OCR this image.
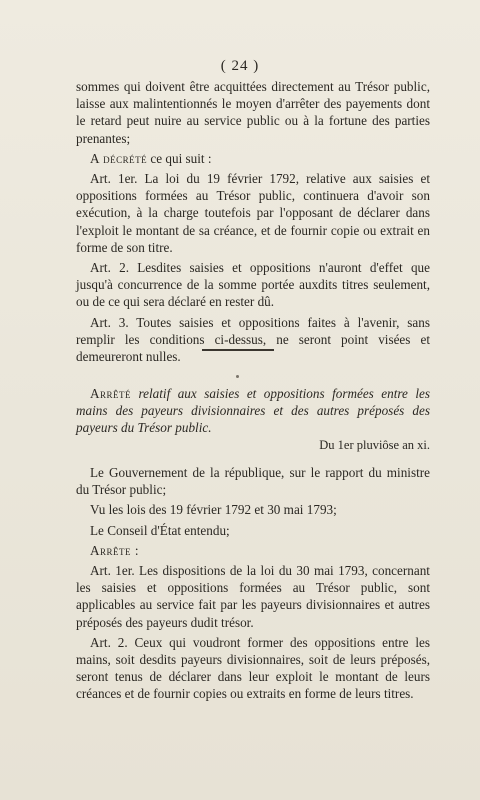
( 24 )

sommes qui doivent être acquittées directement au Trésor public, laisse aux malintentionnés le moyen d'arrêter des payements dont le retard peut nuire au service public ou à la fortune des parties prenantes;

A décrété ce qui suit :

Art. 1er. La loi du 19 février 1792, relative aux saisies et oppositions formées au Trésor public, continuera d'avoir son exécution, à la charge toutefois par l'opposant de déclarer dans l'exploit le montant de sa créance, et de fournir copie ou extrait en forme de son titre.

Art. 2. Lesdites saisies et oppositions n'auront d'effet que jusqu'à concurrence de la somme portée auxdits titres seulement, ou de ce qui sera déclaré en rester dû.

Art. 3. Toutes saisies et oppositions faites à l'avenir, sans remplir les conditions ci-dessus, ne seront point visées et demeureront nulles.

Arrêté relatif aux saisies et oppositions formées entre les mains des payeurs divisionnaires et des autres préposés des payeurs du Trésor public.

Du 1er pluviôse an xi.

Le Gouvernement de la république, sur le rapport du ministre du Trésor public;

Vu les lois des 19 février 1792 et 30 mai 1793;

Le Conseil d'État entendu;

Arrête :

Art. 1er. Les dispositions de la loi du 30 mai 1793, concernant les saisies et oppositions formées au Trésor public, sont applicables au service fait par les payeurs divisionnaires et autres préposés des payeurs dudit trésor.

Art. 2. Ceux qui voudront former des oppositions entre les mains, soit desdits payeurs divisionnaires, soit de leurs préposés, seront tenus de déclarer dans leur exploit le montant de leurs créances et de fournir copies ou extraits en forme de leurs titres.
